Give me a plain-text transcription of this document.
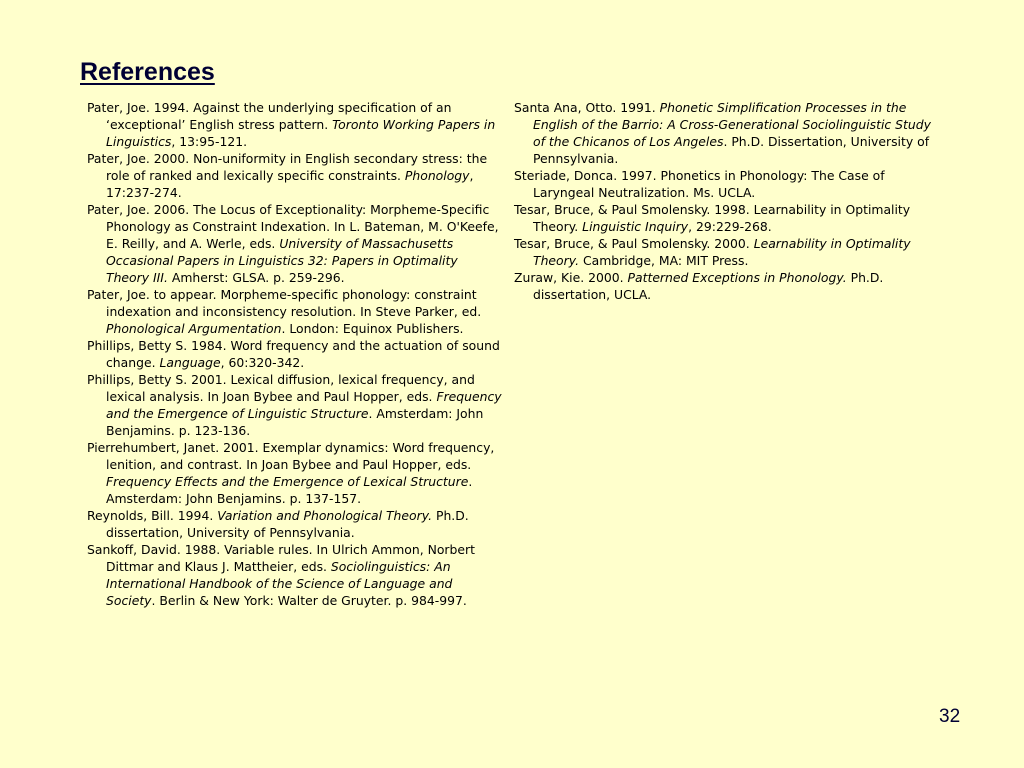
References

Pater, Joe. 1994. Against the underlying specification of an ‘exceptional’ English stress pattern. Toronto Working Papers in Linguistics, 13:95-121.

Pater, Joe. 2000. Non-uniformity in English secondary stress: the role of ranked and lexically specific constraints. Phonology, 17:237-274.

Pater, Joe. 2006. The Locus of Exceptionality: Morpheme-Specific Phonology as Constraint Indexation. In L. Bateman, M. O'Keefe, E. Reilly, and A. Werle, eds. University of Massachusetts Occasional Papers in Linguistics 32: Papers in Optimality Theory III. Amherst: GLSA. p. 259-296.

Pater, Joe. to appear. Morpheme-specific phonology: constraint indexation and inconsistency resolution. In Steve Parker, ed. Phonological Argumentation. London: Equinox Publishers.

Phillips, Betty S. 1984. Word frequency and the actuation of sound change. Language, 60:320-342.

Phillips, Betty S. 2001. Lexical diffusion, lexical frequency, and lexical analysis. In Joan Bybee and Paul Hopper, eds. Frequency and the Emergence of Linguistic Structure. Amsterdam: John Benjamins. p. 123-136.

Pierrehumbert, Janet. 2001. Exemplar dynamics: Word frequency, lenition, and contrast. In Joan Bybee and Paul Hopper, eds. Frequency Effects and the Emergence of Lexical Structure. Amsterdam: John Benjamins. p. 137-157.

Reynolds, Bill. 1994. Variation and Phonological Theory. Ph.D. dissertation, University of Pennsylvania.

Sankoff, David. 1988. Variable rules. In Ulrich Ammon, Norbert Dittmar and Klaus J. Mattheier, eds. Sociolinguistics: An International Handbook of the Science of Language and Society. Berlin & New York: Walter de Gruyter. p. 984-997.

Santa Ana, Otto. 1991. Phonetic Simplification Processes in the English of the Barrio: A Cross-Generational Sociolinguistic Study of the Chicanos of Los Angeles. Ph.D. Dissertation, University of Pennsylvania.

Steriade, Donca. 1997. Phonetics in Phonology: The Case of Laryngeal Neutralization. Ms. UCLA.

Tesar, Bruce, & Paul Smolensky. 1998. Learnability in Optimality Theory. Linguistic Inquiry, 29:229-268.

Tesar, Bruce, & Paul Smolensky. 2000. Learnability in Optimality Theory. Cambridge, MA: MIT Press.

Zuraw, Kie. 2000. Patterned Exceptions in Phonology. Ph.D. dissertation, UCLA.

32
